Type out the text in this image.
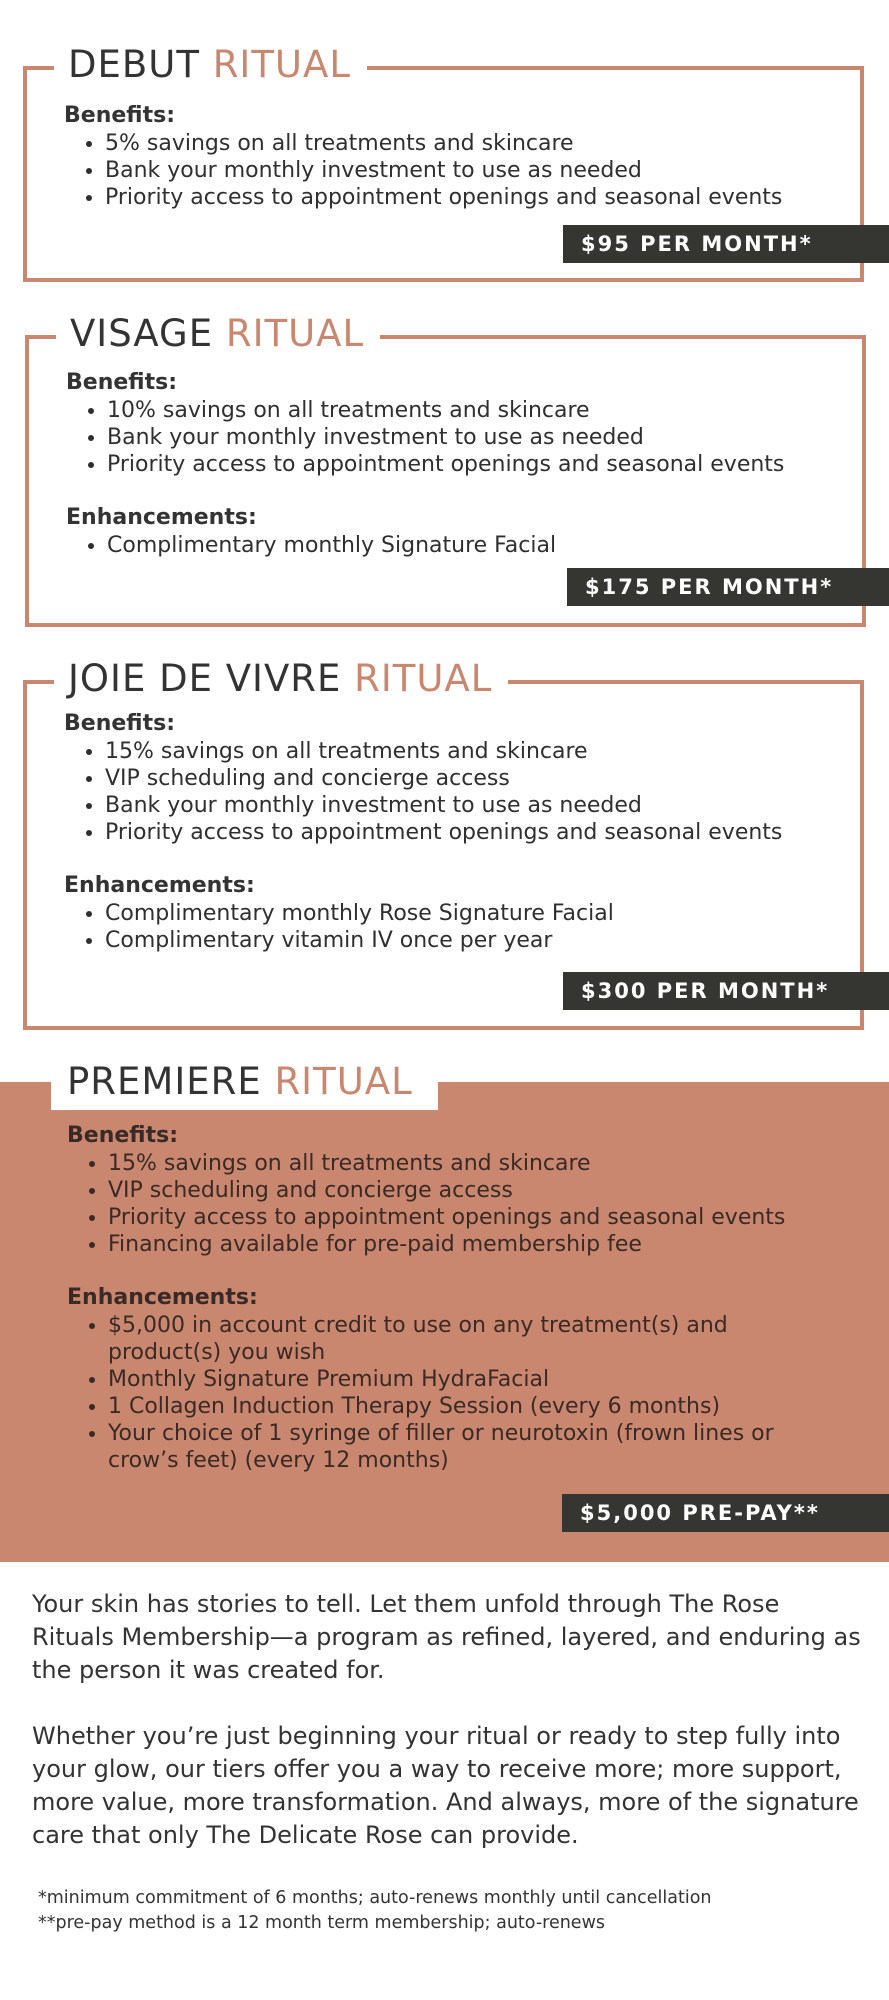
DEBUT RITUAL

Benefits:

• 5% savings on all treatments and skincare
• Bank your monthly investment to use as needed
• Priority access to appointment openings and seasonal events
$95 PER MONTH*
VISAGE RITUAL

Benefits:

• 10% savings on all treatments and skincare
• Bank your monthly investment to use as needed
• Priority access to appointment openings and seasonal events

Enhancements:

• Complimentary monthly Signature Facial
$175 PER MONTH*
JOIE DE VIVRE RITUAL

Benefits:

• 15% savings on all treatments and skincare
• VIP scheduling and concierge access
• Bank your monthly investment to use as needed
• Priority access to appointment openings and seasonal events

Enhancements:

• Complimentary monthly Rose Signature Facial
• Complimentary vitamin IV once per year
$300 PER MONTH*

Benefits:

• 15% savings on all treatments and skincare
• VIP scheduling and concierge access
• Priority access to appointment openings and seasonal events
• Financing available for pre-paid membership fee

Enhancements:

• $5,000 in account credit to use on any treatment(s) and product(s) you wish
• Monthly Signature Premium HydraFacial
• 1 Collagen Induction Therapy Session (every 6 months)
• Your choice of 1 syringe of filler or neurotoxin (frown lines or crow’s feet) (every 12 months)
$5,000 PRE-PAY**
PREMIERE RITUAL

Your skin has stories to tell. Let them unfold through The Rose Rituals Membership—a program as refined, layered, and enduring as the person it was created for.

Whether you’re just beginning your ritual or ready to step fully into your glow, our tiers offer you a way to receive more; more support, more value, more transformation. And always, more of the signature care that only The Delicate Rose can provide.

*minimum commitment of 6 months; auto-renews monthly until cancellation

**pre-pay method is a 12 month term membership; auto-renews
